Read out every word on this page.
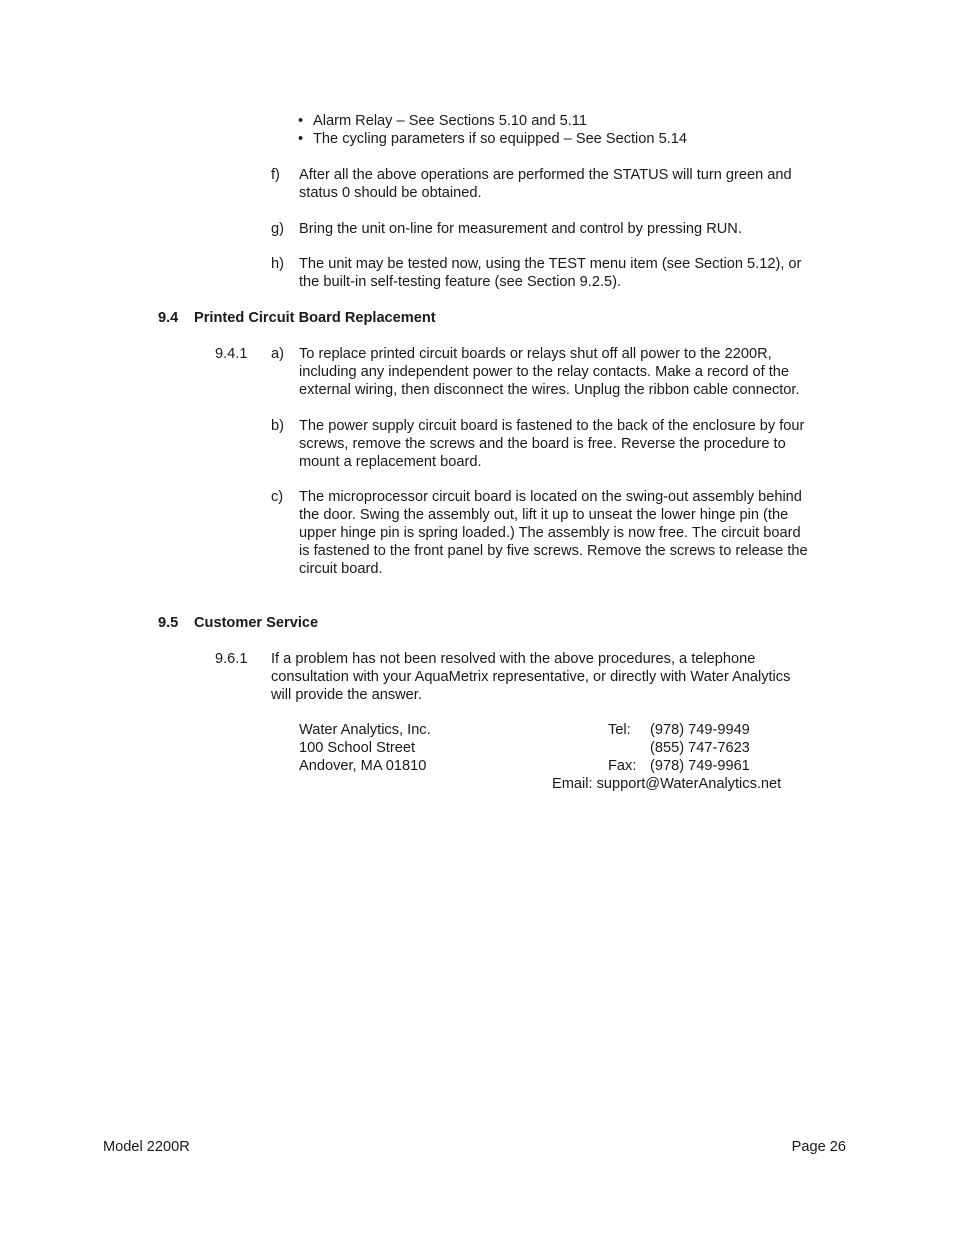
• Alarm Relay – See Sections 5.10 and 5.11
• The cycling parameters if so equipped – See Section 5.14
f) After all the above operations are performed the STATUS will turn green and
status 0 should be obtained.
g) Bring the unit on-line for measurement and control by pressing RUN.
h) The unit may be tested now, using the TEST menu item (see Section 5.12), or
the built-in self-testing feature (see Section 9.2.5).
9.4 Printed Circuit Board Replacement
9.4.1 a) To replace printed circuit boards or relays shut off all power to the 2200R,
including any independent power to the relay contacts. Make a record of the
external wiring, then disconnect the wires. Unplug the ribbon cable connector.
b) The power supply circuit board is fastened to the back of the enclosure by four
screws, remove the screws and the board is free. Reverse the procedure to
mount a replacement board.
c) The microprocessor circuit board is located on the swing-out assembly behind
the door. Swing the assembly out, lift it up to unseat the lower hinge pin (the
upper hinge pin is spring loaded.) The assembly is now free. The circuit board
is fastened to the front panel by five screws. Remove the screws to release the
circuit board.
9.5 Customer Service
9.6.1 If a problem has not been resolved with the above procedures, a telephone
consultation with your AquaMetrix representative, or directly with Water Analytics
will provide the answer.
Water Analytics, Inc.
100 School Street
Andover, MA 01810
Tel: (978) 749-9949
(855) 747-7623
Fax: (978) 749-9961
Email: support@WaterAnalytics.net
Model 2200R	Page 26
